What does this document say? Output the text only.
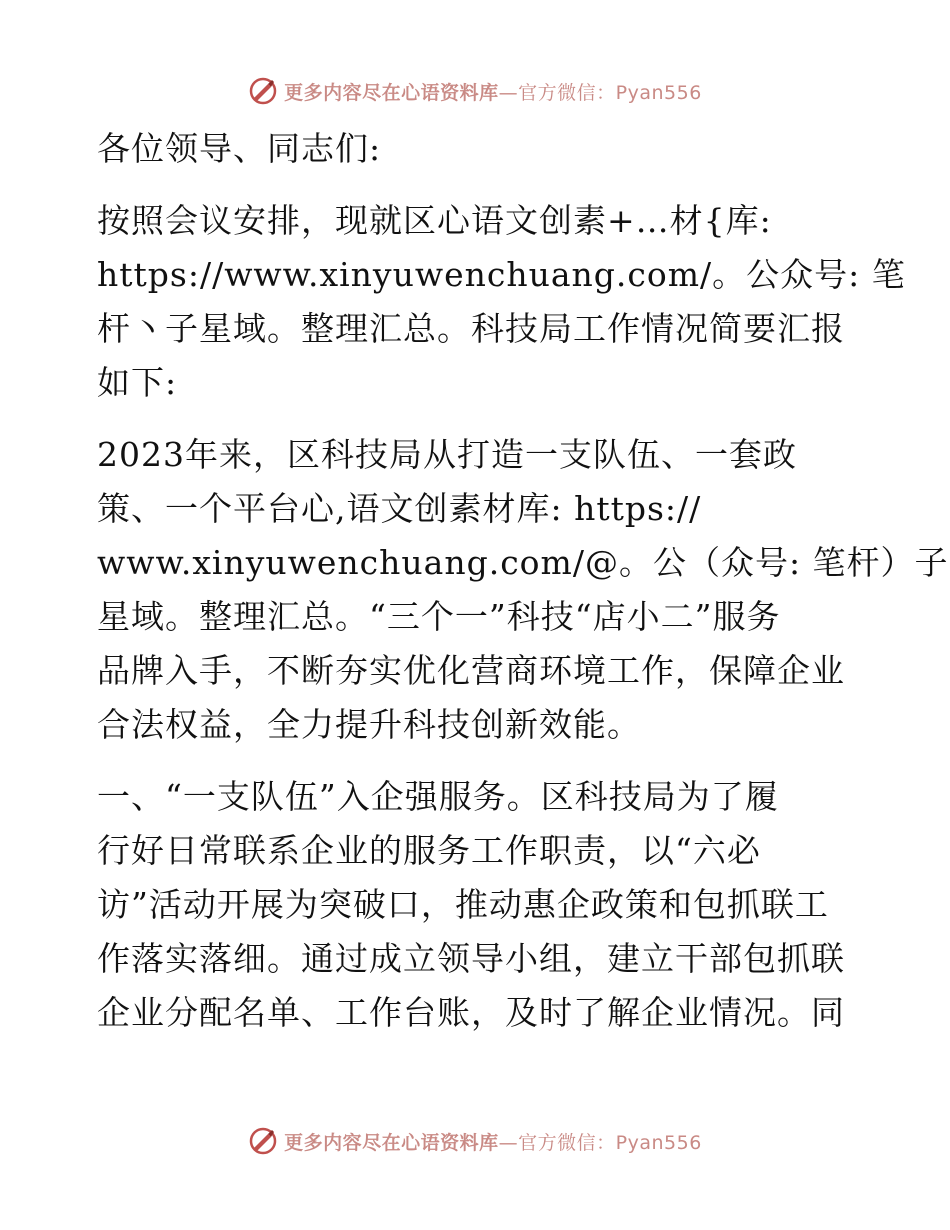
更多内容尽在心语资料库 —官方微信：Pyan556
各位领导、同志们:
按照会议安排，现就区心语文创素+…材{库:
https://www.xinyuwenchuang.com/。公众号: 笔
杆丶子星域。整理汇总。科技局工作情况简要汇报
如下:
2023年来，区科技局从打造一支队伍、一套政
策、一个平台心,语文创素材库: https://
www.xinyuwenchuang.com/@。公（众号: 笔杆）子
星域。整理汇总。“三个一”科技“店小二”服务
品牌入手，不断夯实优化营商环境工作，保障企业
合法权益，全力提升科技创新效能。
一、“一支队伍”入企强服务。区科技局为了履
行好日常联系企业的服务工作职责，以“六必
访”活动开展为突破口，推动惠企政策和包抓联工
作落实落细。通过成立领导小组，建立干部包抓联
企业分配名单、工作台账，及时了解企业情况。同
更多内容尽在心语资料库 —官方微信：Pyan556
